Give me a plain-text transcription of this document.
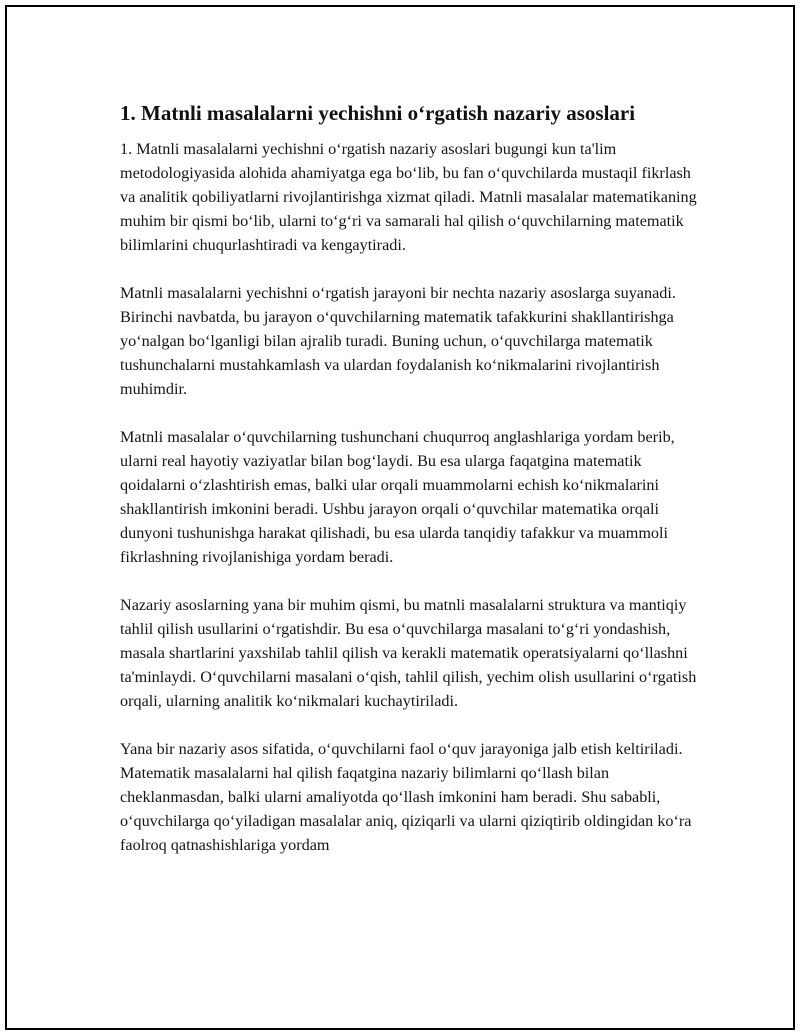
1. Matnli masalalarni yechishni o‘rgatish nazariy asoslari

1. Matnli masalalarni yechishni o‘rgatish nazariy asoslari bugungi kun ta'lim metodologiyasida alohida ahamiyatga ega bo‘lib, bu fan o‘quvchilarda mustaqil fikrlash va analitik qobiliyatlarni rivojlantirishga xizmat qiladi. Matnli masalalar matematikaning muhim bir qismi bo‘lib, ularni to‘g‘ri va samarali hal qilish o‘quvchilarning matematik bilimlarini chuqurlashtiradi va kengaytiradi.

Matnli masalalarni yechishni o‘rgatish jarayoni bir nechta nazariy asoslarga suyanadi. Birinchi navbatda, bu jarayon o‘quvchilarning matematik tafakkurini shakllantirishga yo‘nalgan bo‘lganligi bilan ajralib turadi. Buning uchun, o‘quvchilarga matematik tushunchalarni mustahkamlash va ulardan foydalanish ko‘nikmalarini rivojlantirish muhimdir.

Matnli masalalar o‘quvchilarning tushunchani chuqurroq anglashlariga yordam berib, ularni real hayotiy vaziyatlar bilan bog‘laydi. Bu esa ularga faqatgina matematik qoidalarni o‘zlashtirish emas, balki ular orqali muammolarni echish ko‘nikmalarini shakllantirish imkonini beradi. Ushbu jarayon orqali o‘quvchilar matematika orqali dunyoni tushunishga harakat qilishadi, bu esa ularda tanqidiy tafakkur va muammoli fikrlashning rivojlanishiga yordam beradi.

Nazariy asoslarning yana bir muhim qismi, bu matnli masalalarni struktura va mantiqiy tahlil qilish usullarini o‘rgatishdir. Bu esa o‘quvchilarga masalani to‘g‘ri yondashish, masala shartlarini yaxshilab tahlil qilish va kerakli matematik operatsiyalarni qo‘llashni ta'minlaydi. O‘quvchilarni masalani o‘qish, tahlil qilish, yechim olish usullarini o‘rgatish orqali, ularning analitik ko‘nikmalari kuchaytiriladi.

Yana bir nazariy asos sifatida, o‘quvchilarni faol o‘quv jarayoniga jalb etish keltiriladi. Matematik masalalarni hal qilish faqatgina nazariy bilimlarni qo‘llash bilan cheklanmasdan, balki ularni amaliyotda qo‘llash imkonini ham beradi. Shu sababli, o‘quvchilarga qo‘yiladigan masalalar aniq, qiziqarli va ularni qiziqtirib oldingidan ko‘ra faolroq qatnashishlariga yordam
